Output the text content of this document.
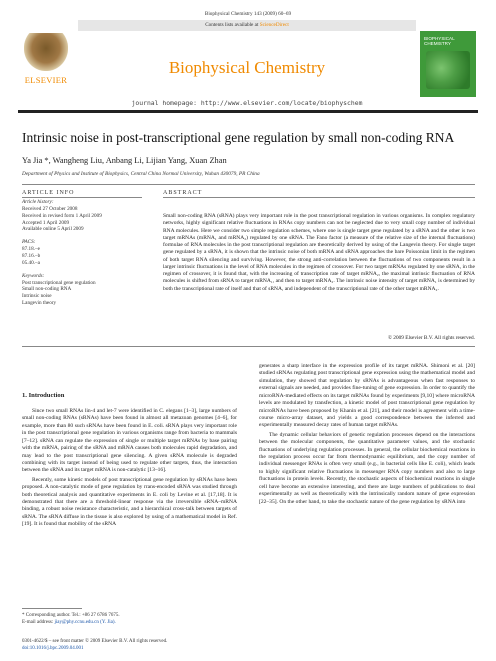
Biophysical Chemistry 143 (2009) 60–69
Contents lists available at ScienceDirect
ELSEVIER
Biophysical Chemistry
BIOPHYSICAL CHEMISTRY
journal homepage: http://www.elsevier.com/locate/biophyschem
Intrinsic noise in post-transcriptional gene regulation by small non-coding RNA
Ya Jia *, Wangheng Liu, Anbang Li, Lijian Yang, Xuan Zhan
Department of Physics and Institute of Biophysics, Central China Normal University, Wuhan 430079, PR China
ARTICLE INFO	ABSTRACT
Article history:
Received 27 October 2008
Received in revised form 1 April 2009
Accepted 1 April 2009
Available online 5 April 2009
PACS:
87.18.–e
87.16.–b
05.40.–a
Keywords:
Post transcriptional gene regulation
Small non-coding RNA
Intrinsic noise
Langevin theory
Small non-coding RNA (sRNA) plays very important role in the post transcriptional regulation in various organisms. In complex regulatory networks, highly significant relative fluctuations in RNAs copy numbers can not be neglected due to very small copy number of individual RNA molecules. Here we consider two simple regulation schemes, where one is single target gene regulated by a sRNA and the other is two target mRNAs (mRNA₁ and mRNA₂) regulated by one sRNA. The Fano factor (a measure of the relative size of the internal fluctuations) formulae of RNA molecules in the post transcriptional regulation are theoretically derived by using of the Langevin theory. For single target gene regulated by a sRNA, it is shown that the intrinsic noise of both mRNA and sRNA approaches the bare Poissonian limit in the regimen of both target RNA silencing and surviving. However, the strong anti-correlation between the fluctuations of two components result in a larger intrinsic fluctuations in the level of RNA molecules in the regimen of crossover. For two target mRNAs regulated by one sRNA, in the regimen of crossover, it is found that, with the increasing of transcription rate of target mRNA₂, the maximal intrinsic fluctuation of RNA molecules is shifted from sRNA to target mRNA₁, and then to target mRNA₂. The intrinsic noise intensity of target mRNA₁ is determined by both the transcriptional rate of itself and that of sRNA, and independent of the transcriptional rate of the other target mRNA₂.
© 2009 Elsevier B.V. All rights reserved.
1. Introduction

Since two small RNAs lin-4 and let-7 were identified in C. elegans [1–3], large numbers of small non-coding RNAs (sRNAs) have been found in almost all metazoan genomes [4–6], for example, more than 80 such sRNAs have been found in E. coli. sRNA plays very important role in the post transcriptional gene regulation in various organisms range from bacteria to mammals [7–12]. sRNA can regulate the expression of single or multiple target mRNAs by base pairing with the mRNA, pairing of the sRNA and mRNA causes both molecules rapid degradation, and may lead to the post transcriptional gene silencing. A given sRNA molecule is degraded combining with its target instead of being used to regulate other targets, thus, the interaction between the sRNA and its target mRNA is non-catalytic [13–16].

Recently, some kinetic models of post transcriptional gene regulation by sRNAs have been proposed. A non-catalytic mode of gene regulation by rrans-encoded sRNA was studied through both theoretical analysis and quantitative experiments in E. coli by Levine et al. [17,18]. It is demonstrated that there are a threshold-linear response via the irreversible sRNA–mRNA binding, a robust noise resistance characteristic, and a hierarchical cross-talk between targets of sRNA. The sRNA diffuse in the tissue is also explored by using of a mathematical model in Ref. [19]. It is found that mobility of the sRNA

generates a sharp interface in the expression profile of its target mRNA. Shimoni et al. [20] studied sRNAs regulating post transcriptional gene expression using the mathematical model and simulation, they showed that regulation by sRNAs is advantageous when fast responses to external signals are needed, and provides fine-tuning of gene expression. In order to quantify the microRNA-mediated effects on its target mRNAs found by experiments [9,10] where microRNA levels are modulated by transfection, a kinetic model of post transcriptional gene regulation by microRNAs have been proposed by Khanin et al. [21], and their model is agreement with a time-course micro-array dataset, and yields a good correspondence between the inferred and experimentally measured decay rates of human target mRNAs.

The dynamic cellular behaviors of genetic regulation processes depend on the interactions between the molecular components, the quantitative parameter values, and the stochastic fluctuations of underlying regulation processes. In general, the cellular biochemical reactions in the regulation process occur far from thermodynamic equilibrium, and the copy number of individual messenger RNAs is often very small (e.g., in bacterial cells like E. coli), which leads to highly significant relative fluctuations in messenger RNA copy numbers and also to large fluctuations in protein levels. Recently, the stochastic aspects of biochemical reactions in single cell have become an extensive interesting, and there are large numbers of publications to deal experimentally as well as theoretically with the intrinsically random nature of gene expression [22–35]. On the other hand, to take the stochastic nature of the gene regulation by sRNA into

* Corresponding author. Tel.: +86 27 6786 7675.
E-mail address: jiay@phy.ccnu.edu.cn (Y. Jia).
0301-4622/$ – see front matter © 2009 Elsevier B.V. All rights reserved.
doi:10.1016/j.bpc.2009.04.001
